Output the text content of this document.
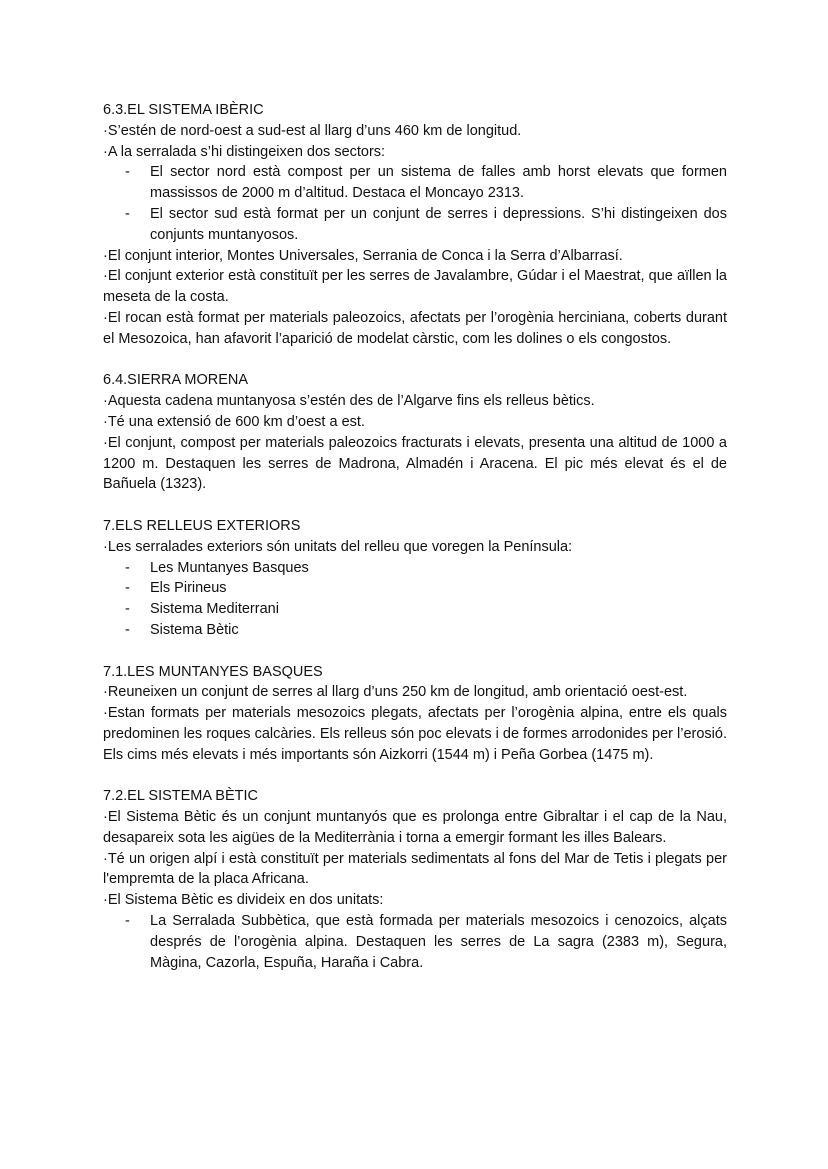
6.3.EL SISTEMA IBÈRIC

·S’estén de nord-oest a sud-est al llarg d’uns 460 km de longitud.

·A la serralada s’hi distingeixen dos sectors:

- El sector nord està compost per un sistema de falles amb horst elevats que formen massissos de 2000 m d’altitud. Destaca el Moncayo 2313.
- El sector sud està format per un conjunt de serres i depressions. S’hi distingeixen dos conjunts muntanyosos.

·El conjunt interior, Montes Universales, Serrania de Conca i la Serra d’Albarrasí.

·El conjunt exterior està constituït per les serres de Javalambre, Gúdar i el Maestrat, que aïllen la meseta de la costa.

·El rocan està format per materials paleozoics, afectats per l’orogènia herciniana, coberts durant el Mesozoica, han afavorit l’aparició de modelat càrstic, com les dolines o els congostos.

6.4.SIERRA MORENA

·Aquesta cadena muntanyosa s’estén des de l’Algarve fins els relleus bètics.

·Té una extensió de 600 km d’oest a est.

·El conjunt, compost per materials paleozoics fracturats i elevats, presenta una altitud de 1000 a 1200 m. Destaquen les serres de Madrona, Almadén i Aracena. El pic més elevat és el de Bañuela (1323).

7.ELS RELLEUS EXTERIORS

·Les serralades exteriors són unitats del relleu que voregen la Península:

- Les Muntanyes Basques
- Els Pirineus
- Sistema Mediterrani
- Sistema Bètic
7.1.LES MUNTANYES BASQUES

·Reuneixen un conjunt de serres al llarg d’uns 250 km de longitud, amb orientació oest-est.

·Estan formats per materials mesozoics plegats, afectats per l’orogènia alpina, entre els quals predominen les roques calcàries. Els relleus són poc elevats i de formes arrodonides per l’erosió. Els cims més elevats i més importants són Aizkorri (1544 m) i Peña Gorbea (1475 m).

7.2.EL SISTEMA BÈTIC

·El Sistema Bètic és un conjunt muntanyós que es prolonga entre Gibraltar i el cap de la Nau, desapareix sota les aigües de la Mediterrània i torna a emergir formant les illes Balears.

·Té un origen alpí i està constituït per materials sedimentats al fons del Mar de Tetis i plegats per l'empremta de la placa Africana.

·El Sistema Bètic es divideix en dos unitats:

- La Serralada Subbètica, que està formada per materials mesozoics i cenozoics, alçats després de l’orogènia alpina. Destaquen les serres de La sagra (2383 m), Segura, Màgina, Cazorla, Espuña, Haraña i Cabra.
